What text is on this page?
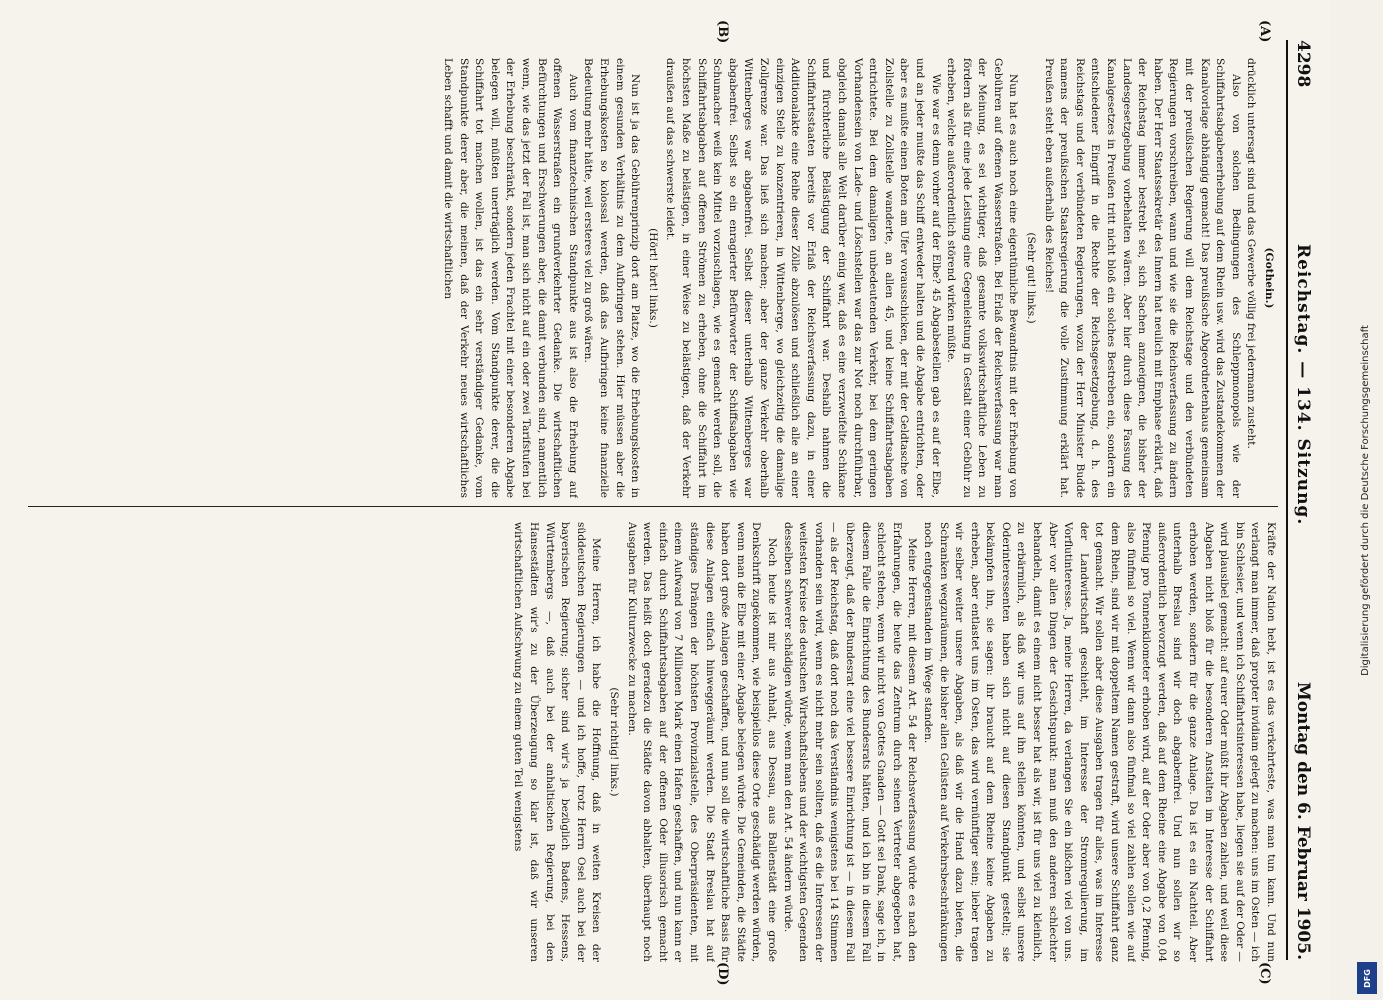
4298
Reichstag. — 134. Sitzung.
Montag den 6. Februar 1905.
(A)
(B)
(C)
(D)

(Gothein.)

drücklich untersagt sind und das Gewerbe völlig frei jedermann zusteht.

Also von solchen Bedingungen des Schleppmonopols wie der Schiffahrtsabgabenerhebung auf dem Rhein usw. wird das Zustandekommen der Kanalvorlage abhängig gemacht! Das preußische Abgeordnetenhaus gemeinsam mit der preußischen Regierung will dem Reichstage und den verbündeten Regierungen vorschreiben, wann und wie sie die Reichsverfassung zu ändern haben. Der Herr Staatssekretär des Innern hat neulich mit Emphase erklärt, daß der Reichstag immer bestrebt sei, sich Sachen anzueignen, die bisher der Landesgesetzgebung vorbehalten wären. Aber hier durch diese Fassung des Kanalgesetzes in Preußen tritt nicht bloß ein solches Bestreben ein, sondern ein entschiedener Eingriff in die Rechte der Reichsgesetzgebung, d. h. des Reichstags und der verbündeten Regierungen, wozu der Herr Minister Budde namens der preußischen Staatsregierung die volle Zustimmung erklärt hat. Preußen steht eben außerhalb des Reiches!

(Sehr gut! links.)

Nun hat es auch noch eine eigentümliche Bewandtnis mit der Erhebung von Gebühren auf offenen Wasserstraßen. Bei Erlaß der Reichsverfassung war man der Meinung, es sei wichtiger, daß gesamte volkswirtschaftliche Leben zu fördern als für eine jede Leistung eine Gegenleistung in Gestalt einer Gebühr zu erheben, welche außerordentlich störend wirken müßte.

Wie war es denn vorher auf der Elbe? 45 Abgabestellen gab es auf der Elbe, und an jeder mußte das Schiff entweder halten und die Abgabe entrichten, oder aber es mußte einen Boten am Ufer vorausschicken, der mit der Geldtasche von Zollstelle zu Zollstelle wanderte, an allen 45, und keine Schiffahrtsabgaben entrichtete. Bei dem damaligen unbedeutenden Verkehr, bei dem geringen Vorhandensein von Lade- und Löschstellen war das zur Not noch durchführbar, obgleich damals alle Welt darüber einig war, daß es eine verzweifelte Schikane und fürchterliche Belästigung der Schiffahrt war. Deshalb nahmen die Schiffahrtsstaaten bereits vor Erlaß der Reichsverfassung dazu, in einer Additionalakte eine Reihe dieser Zölle abzulösen und schließlich alle an einer einzigen Stelle zu konzentrieren, in Wittenberge, wo gleichzeitig die damalige Zollgrenze war. Das ließ sich machen; aber der ganze Verkehr oberhalb Wittenberges war abgabenfrei. Selbst dieser unterhalb Wittenberges war abgabenfrei. Selbst so ein enragierter Befürworter der Schiffsabgaben wie Schumacher weiß kein Mittel vorzuschlagen, wie es gemacht werden soll, die Schiffahrtsabgaben auf offenen Strömen zu erheben, ohne die Schiffahrt im höchsten Maße zu belästigen, in einer Weise zu belästigen, daß der Verkehr draußen auf das schwerste leidet.

(Hört! hört! links.)

Nun ist ja das Gebührenprinzip dort am Platze, wo die Erhebungskosten in einem gesunden Verhältnis zu dem Aufbringen stehen. Hier müssen aber die Erhebungskosten so kolossal werden, daß das Aufbringen keine finanzielle Bedeutung mehr hätte, weil ersteres viel zu groß wären.

Auch vom finanztechnischen Standpunkte aus ist also die Erhebung auf offenen Wasserstraßen ein grundverkehrter Gedanke. Die wirtschaftlichen Befürchtungen und Erschwerungen aber, die damit verbunden sind, namentlich wenn, wie das jetzt der Fall ist, man sich nicht auf ein oder zwei Tarifstufen bei der Erhebung beschränkt, sondern jeden Frachtel mit einer besonderen Abgabe belegen will, müßten unerträglich werden. Vom Standpunkte derer, die die Schiffahrt tot machen wollen, ist das ein sehr verständiger Gedanke, vom Standpunkte derer aber, die meinen, daß der Verkehr neues wirtschaftliches Leben schafft und damit die wirtschaftlichen

Kräfte der Nation hebt, ist es das verkehrteste, was man tun kann. Und nun verlangt man immer, daß propter invidiam gelegt zu machen: uns im Osten — ich bin Schlesier, und wenn ich Schiffahrtsinteressen habe, liegen sie auf der Oder — wird plausibel gemacht: auf eurer Oder müßt ihr Abgaben zahlen, und weil diese Abgaben nicht bloß für die besonderen Anstalten im Interesse der Schiffahrt erhoben werden, sondern für die ganze Anlage. Da ist es ein Nachteil. Aber unterhalb Breslau sind wir doch abgabenfrei. Und nun sollen wir so außerordentlich bevorzugt werden, daß auf dem Rheine eine Abgabe von 0,04 Pfennig pro Tonnenkilometer erhoben wird, auf der Oder aber von 0,2 Pfennig, also fünfmal so viel. Wenn wir dann also fünfmal so viel zahlen sollen wie auf dem Rhein, sind wir mit doppeltem Namen gestraft, wird unsere Schiffahrt ganz tot gemacht. Wir sollen aber diese Ausgaben tragen für alles, was im Interesse der Landwirtschaft geschieht, im Interesse der Stromregulierung, im Vorflutinteresse. Ja, meine Herren, da verlangen Sie ein bißchen viel von uns. Aber vor allen Dingen der Gesichtspunkt: man muß den anderen schlechter behandeln, damit es einem nicht besser hat als wir, ist für uns viel zu kleinlich, zu erbärmlich, als daß wir uns auf ihn stellen könnten, und selbst unsere Oderinteressenten haben sich nicht auf diesen Standpunkt gestellt; sie bekämpfen ihn, sie sagen: ihr braucht auf dem Rheine keine Abgaben zu erheben, aber entlastet uns im Osten, das wird vernünftiger sein; lieber tragen wir selber weiter unsere Abgaben, als daß wir die Hand dazu bieten, die Schranken wegzuräumen, die bisher allen Gelüsten auf Verkehrsbeschränkungen noch entgegenstanden im Wege standen.

Meine Herren, mit diesem Art. 54 der Reichsverfassung würde es nach den Erfahrungen, die heute das Zentrum durch seinen Vertreter abgegeben hat, schlecht stehen, wenn wir nicht von Gottes Gnaden — Gott sei Dank, sage ich, in diesem Falle die Einrichtung des Bundesrats hätten, und ich bin in diesem Fall überzeugt, daß der Bundesrat eine viel bessere Einrichtung ist — in diesem Fall — als der Reichstag, daß dort noch das Verständnis wenigstens bei 14 Stimmen vorhanden sein wird, wenn es nicht mehr sein sollten, daß es die Interessen der weitesten Kreise des deutschen Wirtschaftslebens und der wichtigsten Gegenden desselben schwerer schädigen würde, wenn man den Art. 54 ändern würde.

Noch heute ist mir aus Anhalt, aus Dessau, aus Ballenstädt eine große Denkschrift zugekommen, wie beispiellos diese Orte geschädigt werden würden, wenn man die Elbe mit einer Abgabe belegen würde. Die Gemeinden, die Städte haben dort große Anlagen geschaffen, und nun soll die wirtschaftliche Basis für diese Anlagen einfach hinweggeräumt werden. Die Stadt Breslau hat auf ständiges Drängen der höchsten Provinzialstelle, des Oberpräsidenten, mit einem Aufwand von 7 Millionen Mark einen Hafen geschaffen, und nun kann er einfach durch Schiffahrtsabgaben auf der offenen Oder illusorisch gemacht werden. Das heißt doch geradezu die Städte davon abhalten, überhaupt noch Ausgaben für Kulturzwecke zu machen.

(Sehr richtig! links.)

Meine Herren, ich habe die Hoffnung, daß in weiten Kreisen der süddeutschen Regierungen — und ich hoffe, trotz Herrn Osel auch bei der bayerischen Regierung; sicher sind wir's ja bezüglich Badens, Hessens, Württembergs —, daß auch bei der anhaltischen Regierung, bei den Hansestädten wir's zu der Überzeugung so klar ist, daß wir unseren wirtschaftlichen Aufschwung zu einem guten Teil wenigstens

Digitalisierung gefördert durch die Deutsche Forschungsgemeinschaft
DFG
